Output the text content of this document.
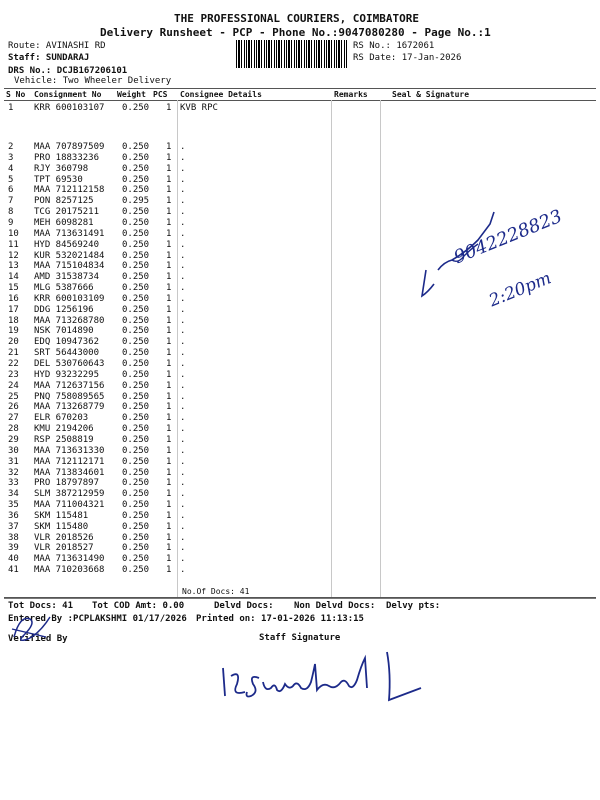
THE PROFESSIONAL COURIERS, COIMBATORE
Delivery Runsheet - PCP - Phone No.:9047080280 - Page No.:1
Route: AVINASHI RD
Staff: SUNDARAJ
DRS No.: DCJB167206101
Vehicle: Two Wheeler Delivery
RS No.: 1672061
RS Date: 17-Jan-2026
S No Consignment No Weight PCS Consignee Details	Remarks	Seal & Signature
1 KRR 600103107 0.250 1 KVB RPC
2 MAA 707897509 0.250 1 .
3 PRO 18833236	0.250 1 .
4 RJY 360798	0.250 1 .
5 TPT 69530	0.250 1 .
6 MAA 712112158 0.250 1 .
7 PON 8257125	0.295 1 .
8 TCG 20175211	0.250 1 .
9 MEH 6098281	0.250 1 .
10 MAA 713631491 0.250 1 .
11 HYD 84569240	0.250 1 .
12 KUR 532021484 0.250 1 .
13 MAA 715104834 0.250 1 .
14 AMD 31538734	0.250 1 .
15 MLG 5387666	0.250 1 .
16 KRR 600103109 0.250 1 .
17 DDG 1256196	0.250 1 .
18 MAA 713268780 0.250 1 .
19 NSK 7014890	0.250 1 .
20 EDQ 10947362	0.250 1 .
21 SRT 56443000	0.250 1 .
22 DEL 530760643 0.250 1 .
23 HYD 93232295	0.250 1 .
24 MAA 712637156 0.250 1 .
25 PNQ 758089565 0.250 1 .
26 MAA 713268779 0.250 1 .
27 ELR 670203	0.250 1 .
28 KMU 2194206	0.250 1 .
29 RSP 2508819	0.250 1 .
30 MAA 713631330 0.250 1 .
31 MAA 712112171 0.250 1 .
32 MAA 713834601 0.250 1 .
33 PRO 18797897	0.250 1 .
34 SLM 387212959 0.250 1 .
35 MAA 711004321 0.250 1 .
36 SKM 115481	0.250 1 .
37 SKM 115480	0.250 1 .
38 VLR 2018526	0.250 1 .
39 VLR 2018527	0.250 1 .
40 MAA 713631490 0.250 1 .
41 MAA 710203668 0.250 1 .
No.Of Docs: 41
9042228823
2:20pm
Tot Docs: 41 Tot COD Amt: 0.00	Delvd Docs: Non Delvd Docs: Delvy pts:
Entered By :PCPLAKSHMI 01/17/2026 Printed on: 17-01-2026 11:13:15
Verified By	Staff Signature
